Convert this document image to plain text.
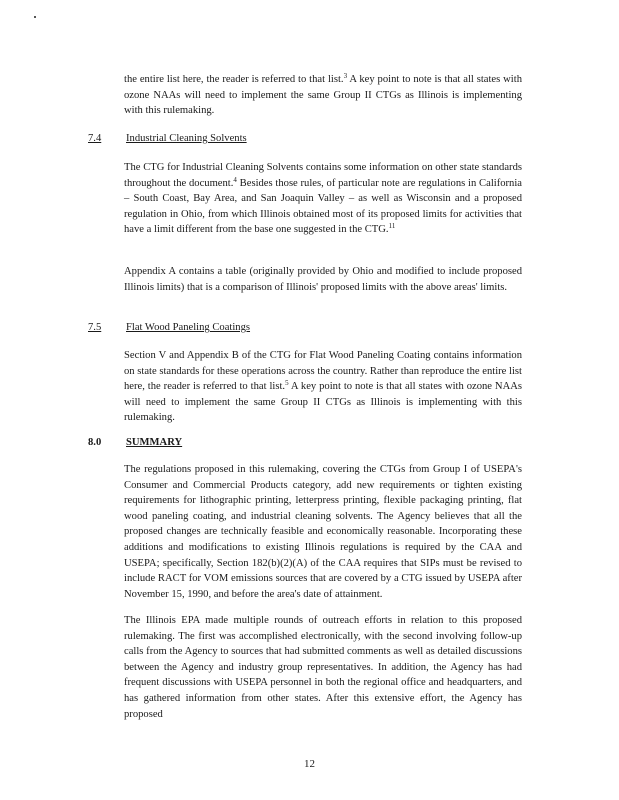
the entire list here, the reader is referred to that list.$^3$ A key point to note is that all states with ozone NAAs will need to implement the same Group II CTGs as Illinois is implementing with this rulemaking.

7.4 Industrial Cleaning Solvents

The CTG for Industrial Cleaning Solvents contains some information on other state standards throughout the document.$^4$ Besides those rules, of particular note are regulations in California – South Coast, Bay Area, and San Joaquin Valley – as well as Wisconsin and a proposed regulation in Ohio, from which Illinois obtained most of its proposed limits for activities that have a limit different from the base one suggested in the CTG.$^{11}$

Appendix A contains a table (originally provided by Ohio and modified to include proposed Illinois limits) that is a comparison of Illinois' proposed limits with the above areas' limits.

7.5 Flat Wood Paneling Coatings

Section V and Appendix B of the CTG for Flat Wood Paneling Coating contains information on state standards for these operations across the country. Rather than reproduce the entire list here, the reader is referred to that list.$^5$ A key point to note is that all states with ozone NAAs will need to implement the same Group II CTGs as Illinois is implementing with this rulemaking.

8.0 SUMMARY

The regulations proposed in this rulemaking, covering the CTGs from Group I of USEPA's Consumer and Commercial Products category, add new requirements or tighten existing requirements for lithographic printing, letterpress printing, flexible packaging printing, flat wood paneling coating, and industrial cleaning solvents. The Agency believes that all the proposed changes are technically feasible and economically reasonable. Incorporating these additions and modifications to existing Illinois regulations is required by the CAA and USEPA; specifically, Section 182(b)(2)(A) of the CAA requires that SIPs must be revised to include RACT for VOM emissions sources that are covered by a CTG issued by USEPA after November 15, 1990, and before the area's date of attainment.

The Illinois EPA made multiple rounds of outreach efforts in relation to this proposed rulemaking. The first was accomplished electronically, with the second involving follow-up calls from the Agency to sources that had submitted comments as well as detailed discussions between the Agency and industry group representatives. In addition, the Agency has had frequent discussions with USEPA personnel in both the regional office and headquarters, and has gathered information from other states. After this extensive effort, the Agency has proposed

12
